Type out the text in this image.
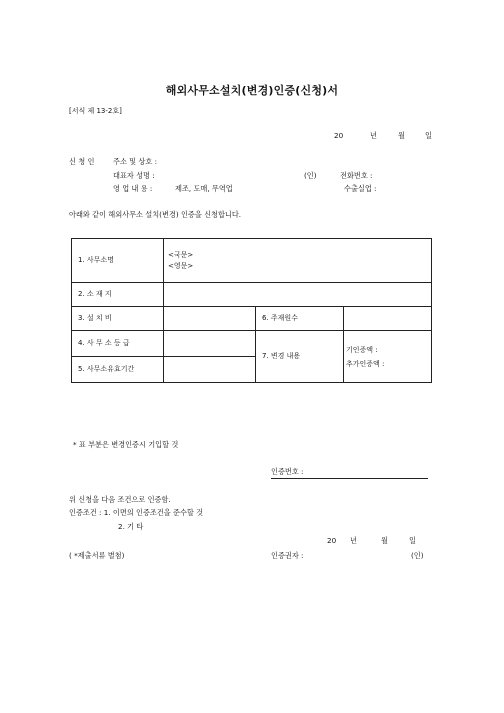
해외사무소설치(변경)인증(신청)서
[서식 제 13-2호]
20	년	월	일
신 청 인	주소 및 상호 :
대표자 성명 :	(인)	전화번호 :
영 업 내 용 :	제조, 도매, 무역업	수출실업 :
아래와 같이 해외사무소 설치(변경) 인증을 신청합니다.
1. 사무소명	<국문>
<영문>		

2. 소 재 지			
3. 설 치 비		6. 주재원수	
4. 사 무 소 등 급		7. 변경 내용	기인증액 :
추가인증액 :

5. 사무소유효기간			
* 표 부분은 변경인증시 기입할 것
인증번호 :
위 신청을 다음 조건으로 인증함.
인증조건 : 1. 이면의 인증조건을 준수할 것
2. 기 타
20 년	월	일
( *제출서류 별첨)	인증권자 :	(인)
